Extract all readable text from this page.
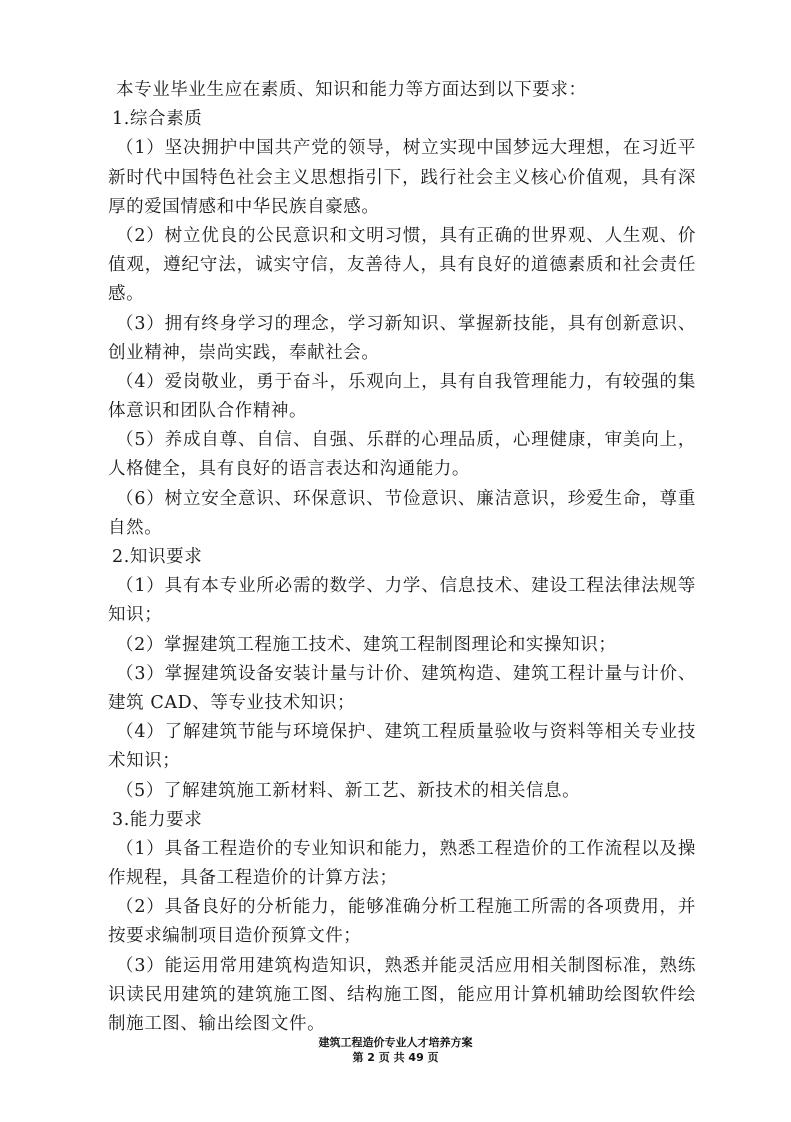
本专业毕业生应在素质、知识和能力等方面达到以下要求：
1.综合素质
（1）坚决拥护中国共产党的领导，树立实现中国梦远大理想，在习近平
新时代中国特色社会主义思想指引下，践行社会主义核心价值观，具有深
厚的爱国情感和中华民族自豪感。
（2）树立优良的公民意识和文明习惯，具有正确的世界观、人生观、价
值观，遵纪守法，诚实守信，友善待人，具有良好的道德素质和社会责任
感。
（3）拥有终身学习的理念，学习新知识、掌握新技能，具有创新意识、
创业精神，崇尚实践，奉献社会。
（4）爱岗敬业，勇于奋斗，乐观向上，具有自我管理能力，有较强的集
体意识和团队合作精神。
（5）养成自尊、自信、自强、乐群的心理品质，心理健康，审美向上，
人格健全，具有良好的语言表达和沟通能力。
（6）树立安全意识、环保意识、节俭意识、廉洁意识，珍爱生命，尊重
自然。
2.知识要求
（1）具有本专业所必需的数学、力学、信息技术、建设工程法律法规等
知识；
（2）掌握建筑工程施工技术、建筑工程制图理论和实操知识；
（3）掌握建筑设备安装计量与计价、建筑构造、建筑工程计量与计价、
建筑 CAD、等专业技术知识；
（4）了解建筑节能与环境保护、建筑工程质量验收与资料等相关专业技
术知识；
（5）了解建筑施工新材料、新工艺、新技术的相关信息。
3.能力要求
（1）具备工程造价的专业知识和能力，熟悉工程造价的工作流程以及操
作规程，具备工程造价的计算方法；
（2）具备良好的分析能力，能够准确分析工程施工所需的各项费用，并
按要求编制项目造价预算文件；
（3）能运用常用建筑构造知识，熟悉并能灵活应用相关制图标准，熟练
识读民用建筑的建筑施工图、结构施工图，能应用计算机辅助绘图软件绘
制施工图、输出绘图文件。
建筑工程造价专业人才培养方案
第 2 页 共 49 页
